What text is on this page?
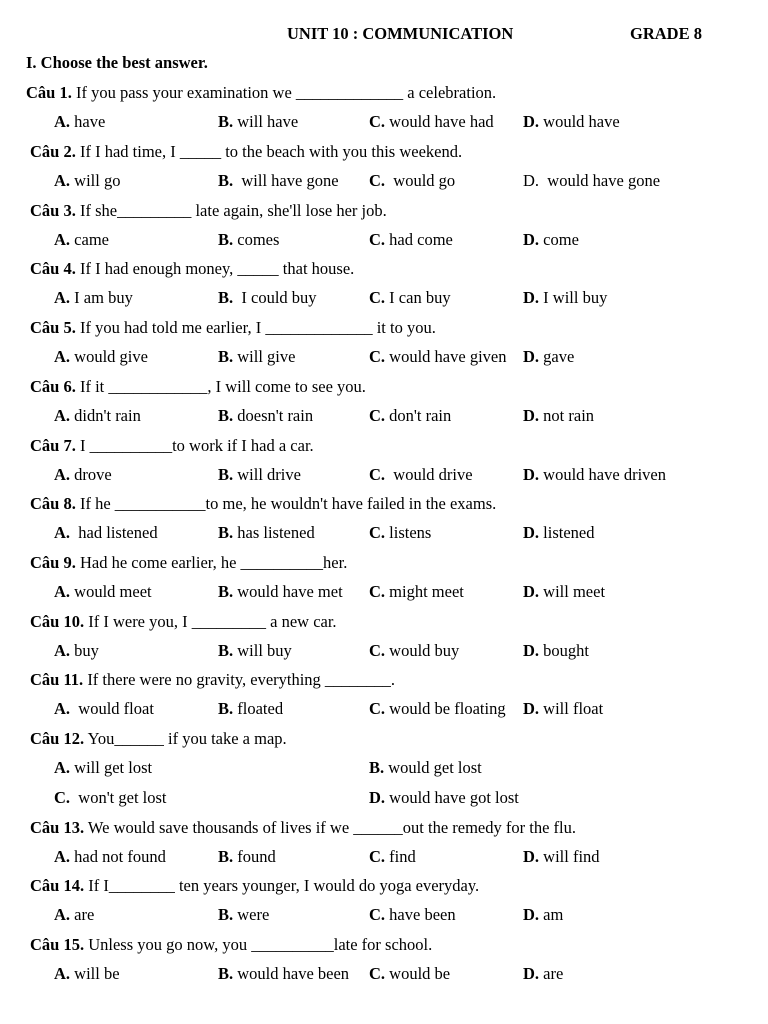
UNIT 10 : COMMUNICATION	GRADE 8
I. Choose the best answer.
Câu 1. If you pass your examination we _____________ a celebration.
A. have	B. will have	C. would have had D. would have
Câu 2. If I had time, I _____ to the beach with you this weekend.
A. will go	B.  will have gone C.  would go	D.  would have gone
Câu 3. If she_________ late again, she'll lose her job.
A. came	B. comes	C. had come	D. come
Câu 4. If I had enough money, _____ that house.
A. I am buy	B.  I could buy	C. I can buy	D. I will buy
Câu 5. If you had told me earlier, I _____________ it to you.
A. would give	B. will give	C. would have given D. gave
Câu 6. If it ____________, I will come to see you.
A. didn't rain	B. doesn't rain	C. don't rain	D. not rain
Câu 7. I __________to work if I had a car.
A. drove	B. will drive	C.  would drive	D. would have driven
Câu 8. If he ___________to me, he wouldn't have failed in the exams.
A.  had listened	B. has listened	C. listens	D. listened
Câu 9. Had he come earlier, he __________her.
A. would meet	B. would have met C. might meet	D. will meet
Câu 10. If I were you, I _________ a new car.
A. buy	B. will buy	C. would buy	D. bought
Câu 11. If there were no gravity, everything ________.
A.  would float	B. floated	C. would be floating D. will float
Câu 12. You______ if you take a map.
A. will get lost	B. would get lost
C.  won't get lost	D. would have got lost
Câu 13. We would save thousands of lives if we ______out the remedy for the flu.
A. had not found	B. found	C. find	D. will find
Câu 14. If I________ ten years younger, I would do yoga everyday.
A. are	B. were	C. have been	D. am
Câu 15. Unless you go now, you __________late for school.
A. will be	B. would have been C. would be	D. are
